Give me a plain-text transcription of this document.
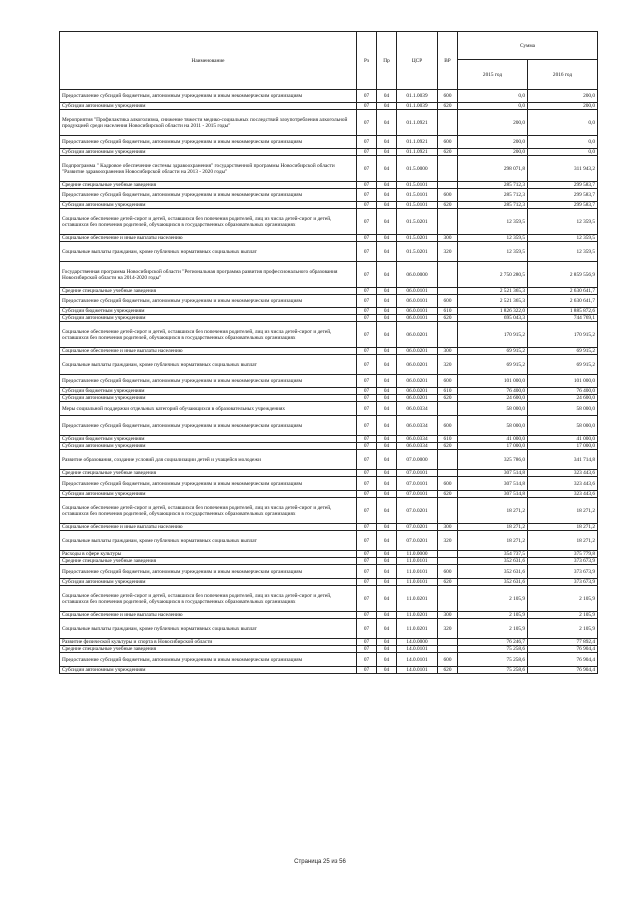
Наименование	Рз	Пр	ЦСР	ВР	Сумма	
					2015 год	2016 год
Предоставление субсидий бюджетным, автономным учреждениям и иным некоммерческим организациям	07	04	01.1.0039	600	0,0	200,0
Субсидии автономным учреждениям	07	04	01.1.0039	620	0,0	200,0
Мероприятия "Профилактика алкоголизма, снижение тяжести медико-социальных последствий злоупотребления алкогольной продукцией среди населения Новосибирской области на 2011 - 2015 годы"	07	04	01.1.0921		200,0	0,0
Предоставление субсидий бюджетным, автономным учреждениям и иным некоммерческим организациям	07	04	01.1.0921	600	200,0	0,0
Субсидии автономным учреждениям	07	04	01.1.0921	620	200,0	0,0
Подпрограмма " Кадровое обеспечение системы здравоохранения" государственной программы Новосибирской области "Развитие здравоохранения Новосибирской области на 2013 - 2020 годы"	07	04	01.5.0000		298 071,8	311 943,2
Средние специальные учебные заведения	07	04	01.5.0101		285 712,3	299 583,7
Предоставление субсидий бюджетным, автономным учреждениям и иным некоммерческим организациям	07	04	01.5.0101	600	285 712,3	299 583,7
Субсидии автономным учреждениям	07	04	01.5.0101	620	285 712,3	299 583,7
Социальное обеспечение детей-сирот и детей, оставшихся без попечения родителей, лиц из числа детей-сирот и детей, оставшихся без попечения родителей, обучающихся в государственных образовательных организациях	07	04	01.5.0201		12 359,5	12 359,5
Социальное обеспечение и иные выплаты населению	07	04	01.5.0201	300	12 359,5	12 359,5
Социальные выплаты гражданам, кроме публичных нормативных социальных выплат	07	04	01.5.0201	320	12 359,5	12 359,5
Государственная программа Новосибирской области "Региональная программа развития профессионального образования Новосибирской области на 2014-2020 годы"	07	04	06.0.0000		2 750 280,5	2 859 556,9
Средние специальные учебные заведения	07	04	06.0.0101		2 521 365,3	2 630 641,7
Предоставление субсидий бюджетным, автономным учреждениям и иным некоммерческим организациям	07	04	06.0.0101	600	2 521 365,3	2 630 641,7
Субсидии бюджетным учреждениям	07	04	06.0.0101	610	1 826 322,0	1 885 872,6
Субсидии автономным учреждениям	07	04	06.0.0101	620	695 043,3	744 769,1
Социальное обеспечение детей-сирот и детей, оставшихся без попечения родителей, лиц из числа детей-сирот и детей, оставшихся без попечения родителей, обучающихся в государственных образовательных организациях	07	04	06.0.0201		170 915,2	170 915,2
Социальное обеспечение и иные выплаты населению	07	04	06.0.0201	300	69 915,2	69 915,2
Социальные выплаты гражданам, кроме публичных нормативных социальных выплат	07	04	06.0.0201	320	69 915,2	69 915,2
Предоставление субсидий бюджетным, автономным учреждениям и иным некоммерческим организациям	07	04	06.0.0201	600	101 000,0	101 000,0
Субсидии бюджетным учреждениям	07	04	06.0.0201	610	76 400,0	76 400,0
Субсидии автономным учреждениям	07	04	06.0.0201	620	24 600,0	24 600,0
Меры социальной поддержки отдельных категорий обучающихся в образовательных учреждениях	07	04	06.0.0334		58 000,0	58 000,0
Предоставление субсидий бюджетным, автономным учреждениям и иным некоммерческим организациям	07	04	06.0.0334	600	58 000,0	58 000,0
Субсидии бюджетным учреждениям	07	04	06.0.0334	610	41 000,0	41 000,0
Субсидии автономным учреждениям	07	04	06.0.0334	620	17 000,0	17 000,0
Развитие образования, создание условий для социализации детей и учащейся молодежи	07	04	07.0.0000		325 786,0	341 714,8
Средние специальные учебные заведения	07	04	07.0.0101		307 514,8	323 443,6
Предоставление субсидий бюджетным, автономным учреждениям и иным некоммерческим организациям	07	04	07.0.0101	600	307 514,8	323 443,6
Субсидии автономным учреждениям	07	04	07.0.0101	620	307 514,8	323 443,6
Социальное обеспечение детей-сирот и детей, оставшихся без попечения родителей, лиц из числа детей-сирот и детей, оставшихся без попечения родителей, обучающихся в государственных образовательных организациях	07	04	07.0.0201		18 271,2	18 271,2
Социальное обеспечение и иные выплаты населению	07	04	07.0.0201	300	18 271,2	18 271,2
Социальные выплаты гражданам, кроме публичных нормативных социальных выплат	07	04	07.0.0201	320	18 271,2	18 271,2
Расходы в сфере культуры	07	04	11.0.0000		354 737,5	375 779,8
Средние специальные учебные заведения	07	04	11.0.0101		352 631,6	373 673,9
Предоставление субсидий бюджетным, автономным учреждениям и иным некоммерческим организациям	07	04	11.0.0101	600	352 631,6	373 673,9
Субсидии автономным учреждениям	07	04	11.0.0101	620	352 631,6	373 673,9
Социальное обеспечение детей-сирот и детей, оставшихся без попечения родителей, лиц из числа детей-сирот и детей, оставшихся без попечения родителей, обучающихся в государственных образовательных организациях	07	04	11.0.0201		2 105,9	2 105,9
Социальное обеспечение и иные выплаты населению	07	04	11.0.0201	300	2 105,9	2 105,9
Социальные выплаты гражданам, кроме публичных нормативных социальных выплат	07	04	11.0.0201	320	2 105,9	2 105,9
Развитие физической культуры и спорта в Новосибирской области	07	04	14.0.0000		76 246,7	77 892,4
Средние специальные учебные заведения	07	04	14.0.0101		75 258,6	76 904,4
Предоставление субсидий бюджетным, автономным учреждениям и иным некоммерческим организациям	07	04	14.0.0101	600	75 258,6	76 904,4
Субсидии автономным учреждениям	07	04	14.0.0101	620	75 258,6	76 904,4
Страница 25 из 56
